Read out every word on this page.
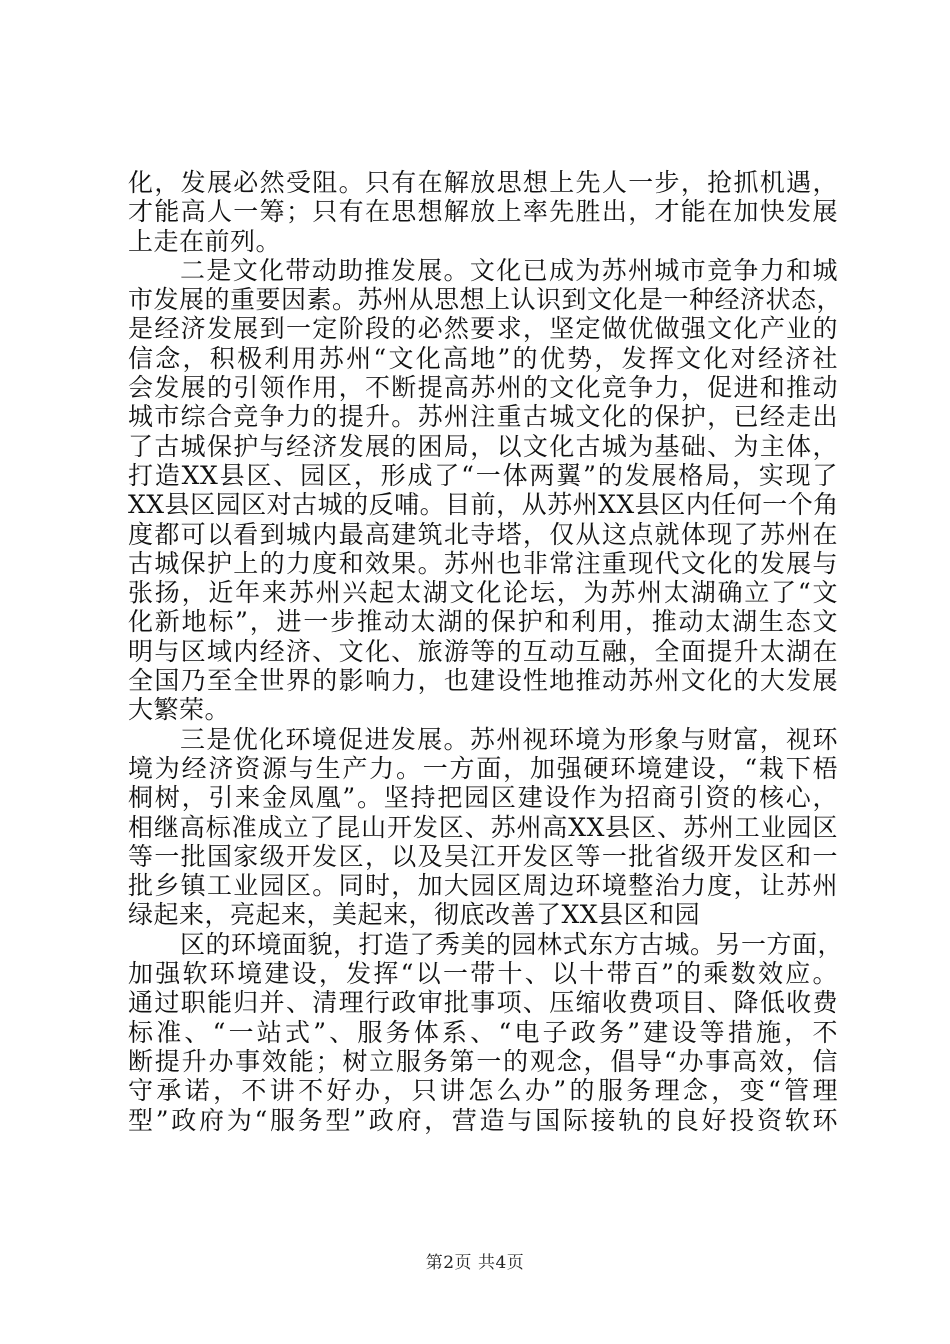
化，发展必然受阻。只有在解放思想上先人一步，抢抓机遇，
才能高人一筹；只有在思想解放上率先胜出，才能在加快发展
上走在前列。
二是文化带动助推发展。文化已成为苏州城市竞争力和城
市发展的重要因素。苏州从思想上认识到文化是一种经济状态，
是经济发展到一定阶段的必然要求，坚定做优做强文化产业的
信念，积极利用苏州“文化高地”的优势，发挥文化对经济社
会发展的引领作用，不断提高苏州的文化竞争力，促进和推动
城市综合竞争力的提升。苏州注重古城文化的保护，已经走出
了古城保护与经济发展的困局，以文化古城为基础、为主体，
打造XX县区、园区，形成了“一体两翼”的发展格局，实现了
XX县区园区对古城的反哺。目前，从苏州XX县区内任何一个角
度都可以看到城内最高建筑北寺塔，仅从这点就体现了苏州在
古城保护上的力度和效果。苏州也非常注重现代文化的发展与
张扬，近年来苏州兴起太湖文化论坛，为苏州太湖确立了“文
化新地标”，进一步推动太湖的保护和利用，推动太湖生态文
明与区域内经济、文化、旅游等的互动互融，全面提升太湖在
全国乃至全世界的影响力，也建设性地推动苏州文化的大发展
大繁荣。
三是优化环境促进发展。苏州视环境为形象与财富，视环
境为经济资源与生产力。一方面，加强硬环境建设，“栽下梧
桐树，引来金凤凰”。坚持把园区建设作为招商引资的核心，
相继高标准成立了昆山开发区、苏州高XX县区、苏州工业园区
等一批国家级开发区，以及吴江开发区等一批省级开发区和一
批乡镇工业园区。同时，加大园区周边环境整治力度，让苏州
绿起来，亮起来，美起来，彻底改善了XX县区和园
区的环境面貌，打造了秀美的园林式东方古城。另一方面，
加强软环境建设，发挥“以一带十、以十带百”的乘数效应。
通过职能归并、清理行政审批事项、压缩收费项目、降低收费
标准、“一站式”、服务体系、“电子政务”建设等措施，不
断提升办事效能；树立服务第一的观念，倡导“办事高效，信
守承诺，不讲不好办，只讲怎么办”的服务理念，变“管理
型”政府为“服务型”政府，营造与国际接轨的良好投资软环
第2页 共4页
